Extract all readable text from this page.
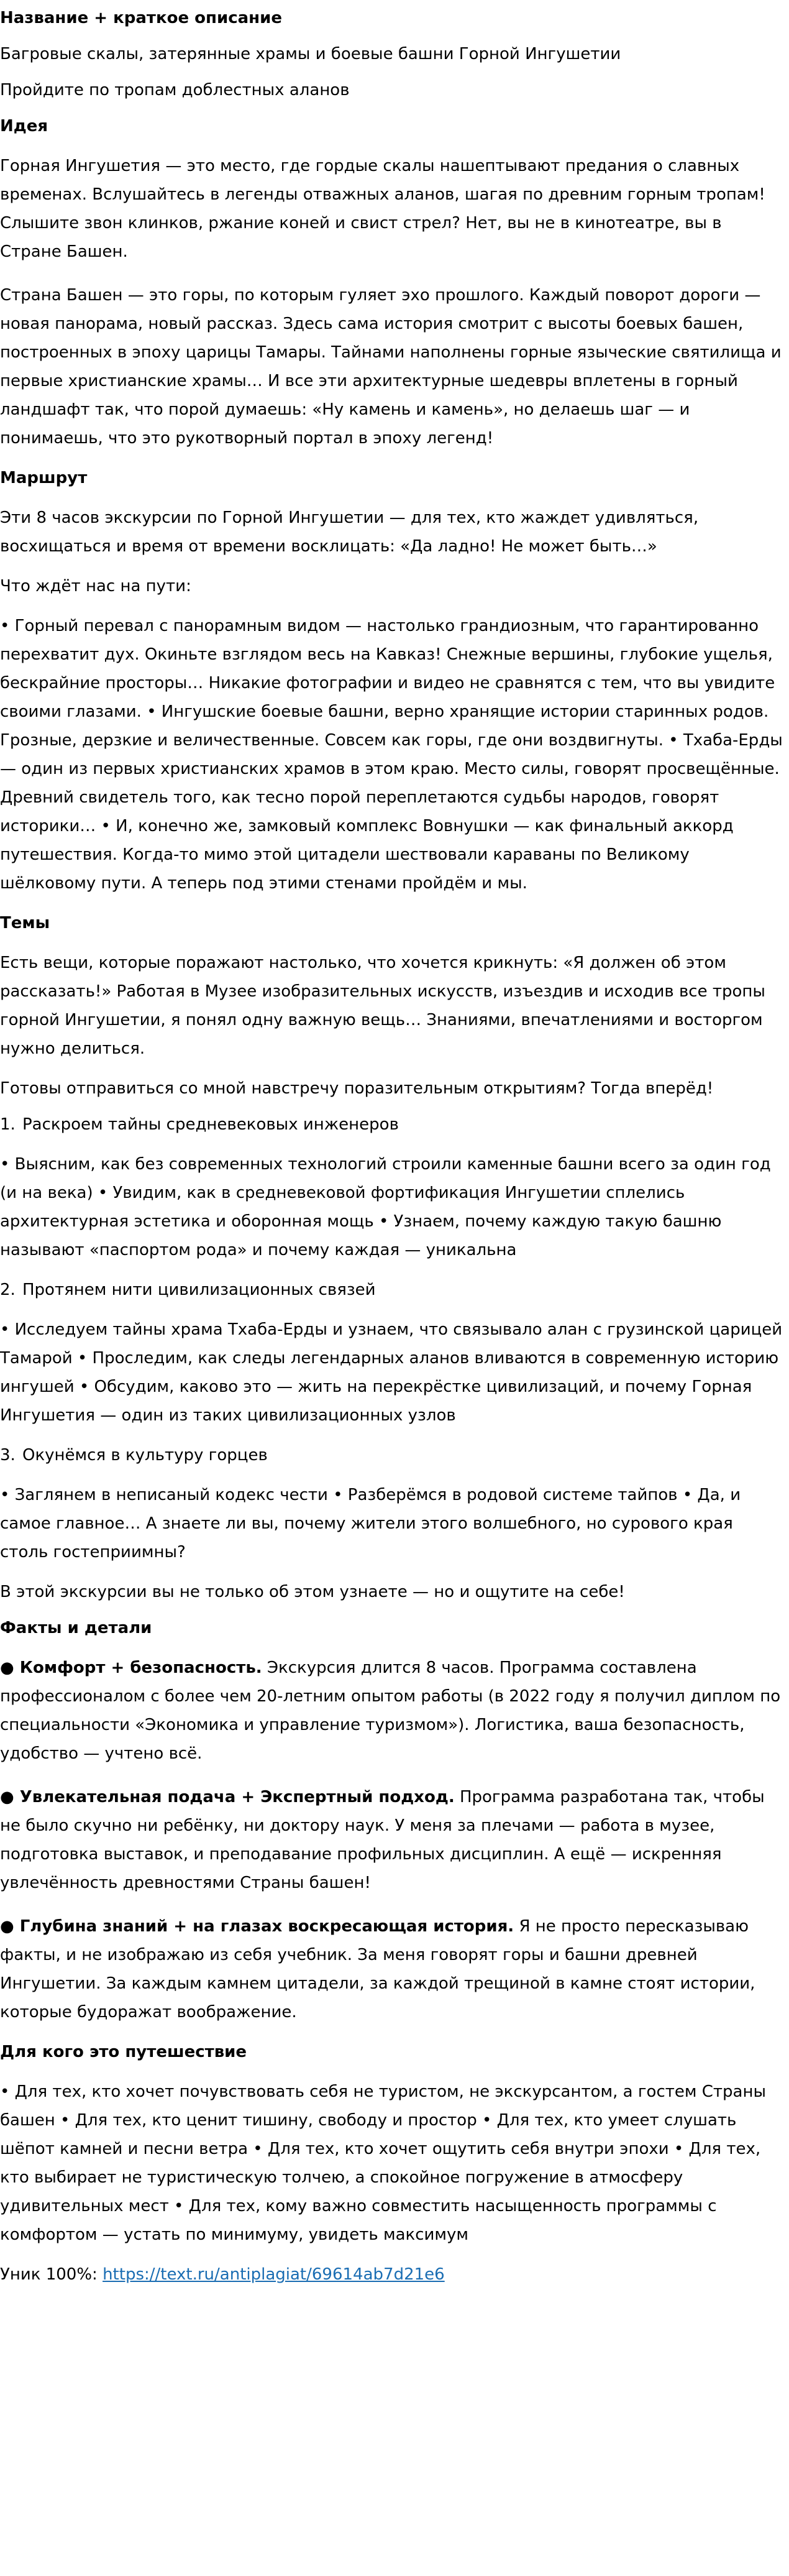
Название + краткое описание
Багровые скалы, затерянные храмы и боевые башни Горной Ингушетии
Пройдите по тропам доблестных аланов
Идея
Горная Ингушетия — это место, где гордые скалы нашептывают предания о славных временах. Вслушайтесь в легенды отважных аланов, шагая по древним горным тропам! Слышите звон клинков, ржание коней и свист стрел? Нет, вы не в кинотеатре, вы в Стране Башен.
Страна Башен — это горы, по которым гуляет эхо прошлого. Каждый поворот дороги — новая панорама, новый рассказ. Здесь сама история смотрит с высоты боевых башен, построенных в эпоху царицы Тамары. Тайнами наполнены горные языческие святилища и первые христианские храмы… И все эти архитектурные шедевры вплетены в горный ландшафт так, что порой думаешь: «Ну камень и камень», но делаешь шаг — и понимаешь, что это рукотворный портал в эпоху легенд!
Маршрут
Эти 8 часов экскурсии по Горной Ингушетии — для тех, кто жаждет удивляться, восхищаться и время от времени восклицать: «Да ладно! Не может быть…»
Что ждёт нас на пути:
• Горный перевал с панорамным видом — настолько грандиозным, что гарантированно перехватит дух. Окиньте взглядом весь на Кавказ! Снежные вершины, глубокие ущелья, бескрайние просторы… Никакие фотографии и видео не сравнятся с тем, что вы увидите своими глазами. • Ингушские боевые башни, верно хранящие истории старинных родов. Грозные, дерзкие и величественные. Совсем как горы, где они воздвигнуты. • Тхаба-Ерды — один из первых христианских храмов в этом краю. Место силы, говорят просвещённые. Древний свидетель того, как тесно порой переплетаются судьбы народов, говорят историки… • И, конечно же, замковый комплекс Вовнушки — как финальный аккорд путешествия. Когда-то мимо этой цитадели шествовали караваны по Великому шёлковому пути. А теперь под этими стенами пройдём и мы.
Темы
Есть вещи, которые поражают настолько, что хочется крикнуть: «Я должен об этом рассказать!» Работая в Музее изобразительных искусств, изъездив и исходив все тропы горной Ингушетии, я понял одну важную вещь… Знаниями, впечатлениями и восторгом нужно делиться.
Готовы отправиться со мной навстречу поразительным открытиям? Тогда вперёд!
1. Раскроем тайны средневековых инженеров
• Выясним, как без современных технологий строили каменные башни всего за один год (и на века) • Увидим, как в средневековой фортификация Ингушетии сплелись архитектурная эстетика и оборонная мощь • Узнаем, почему каждую такую башню называют «паспортом рода» и почему каждая — уникальна
2. Протянем нити цивилизационных связей
• Исследуем тайны храма Тхаба-Ерды и узнаем, что связывало алан с грузинской царицей Тамарой • Проследим, как следы легендарных аланов вливаются в современную историю ингушей • Обсудим, каково это — жить на перекрёстке цивилизаций, и почему Горная Ингушетия — один из таких цивилизационных узлов
3. Окунёмся в культуру горцев
• Заглянем в неписаный кодекс чести • Разберёмся в родовой системе тайпов • Да, и самое главное… А знаете ли вы, почему жители этого волшебного, но сурового края столь гостеприимны?
В этой экскурсии вы не только об этом узнаете — но и ощутите на себе!
Факты и детали
● Комфорт + безопасность. Экскурсия длится 8 часов. Программа составлена профессионалом с более чем 20-летним опытом работы (в 2022 году я получил диплом по специальности «Экономика и управление туризмом»). Логистика, ваша безопасность, удобство — учтено всё.
● Увлекательная подача + Экспертный подход. Программа разработана так, чтобы не было скучно ни ребёнку, ни доктору наук. У меня за плечами — работа в музее, подготовка выставок, и преподавание профильных дисциплин. А ещё — искренняя увлечённость древностями Страны башен!
● Глубина знаний + на глазах воскресающая история. Я не просто пересказываю факты, и не изображаю из себя учебник. За меня говорят горы и башни древней Ингушетии. За каждым камнем цитадели, за каждой трещиной в камне стоят истории, которые будоражат воображение.
Для кого это путешествие
• Для тех, кто хочет почувствовать себя не туристом, не экскурсантом, а гостем Страны башен • Для тех, кто ценит тишину, свободу и простор • Для тех, кто умеет слушать шёпот камней и песни ветра • Для тех, кто хочет ощутить себя внутри эпохи • Для тех, кто выбирает не туристическую толчею, а спокойное погружение в атмосферу удивительных мест • Для тех, кому важно совместить насыщенность программы с комфортом — устать по минимуму, увидеть максимум
Уник 100%: https://text.ru/antiplagiat/69614ab7d21e6
